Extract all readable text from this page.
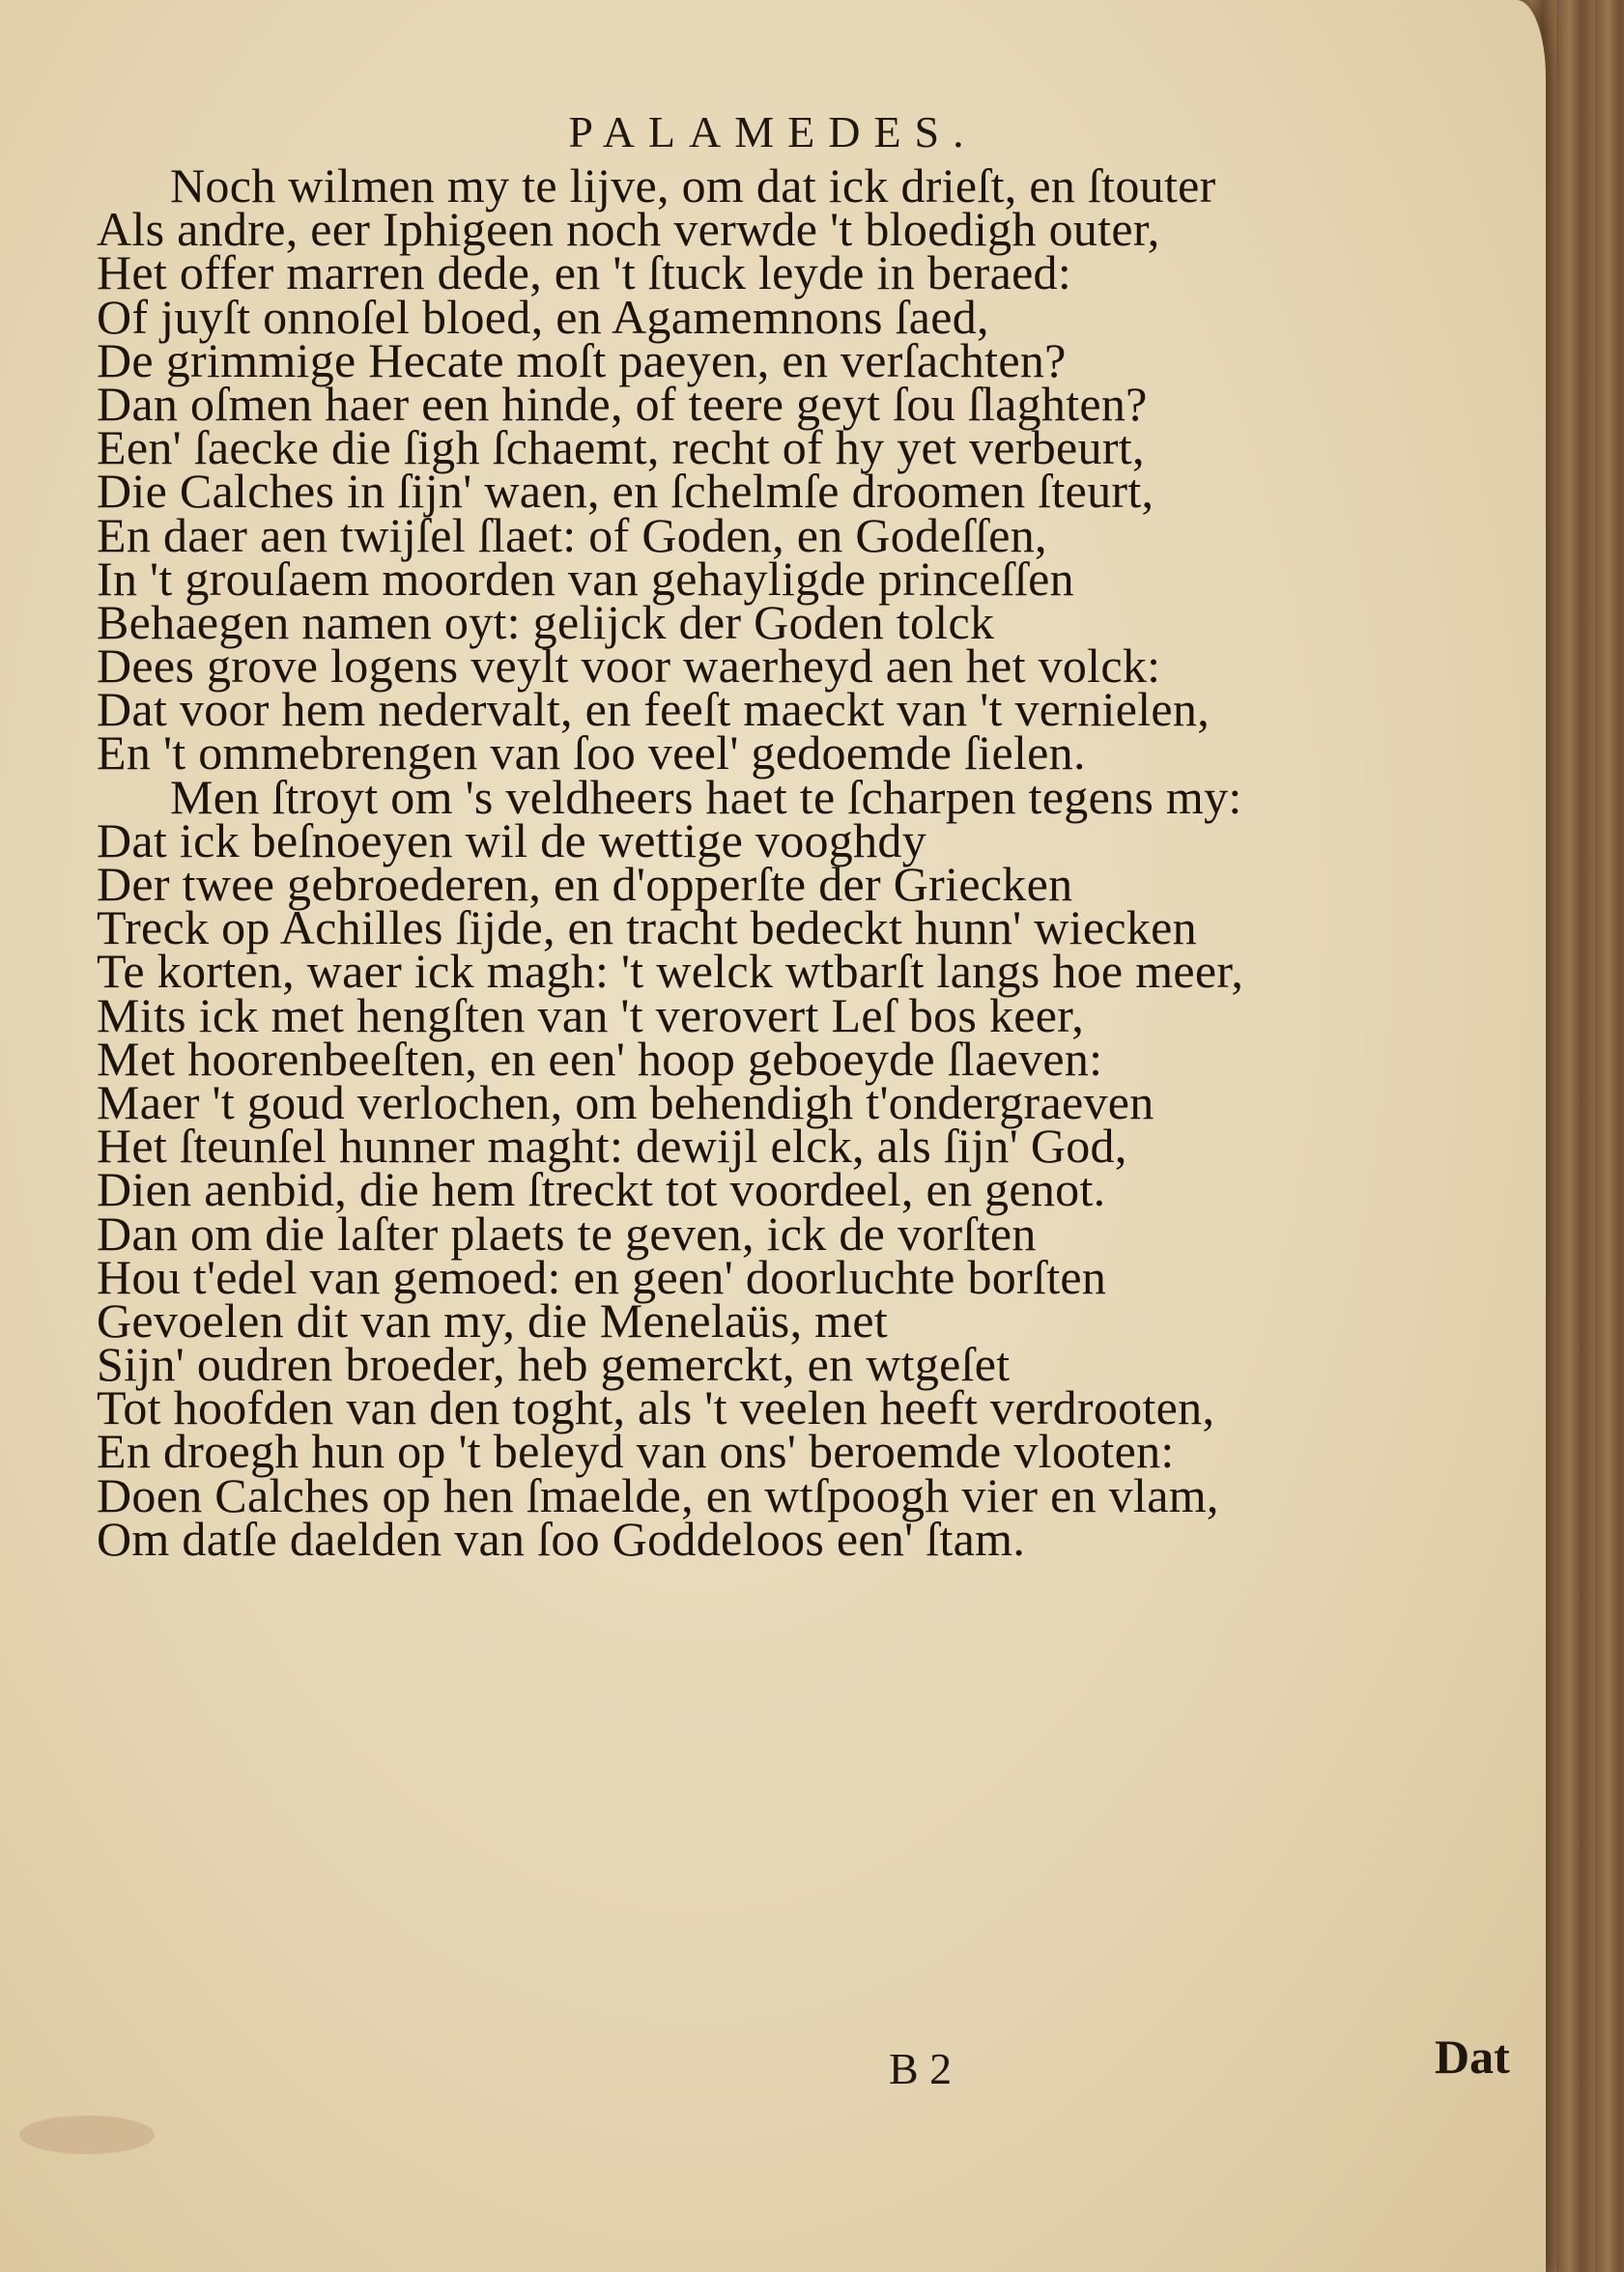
PALAMEDES.
Noch wilmen my te lijve, om dat ick drieſt, en ſtouter
Als andre, eer Iphigeen noch verwde 't bloedigh outer,
Het offer marren dede, en 't ſtuck leyde in beraed:
Of juyſt onnoſel bloed, en Agamemnons ſaed,
De grimmige Hecate moſt paeyen, en verſachten?
Dan oſmen haer een hinde, of teere geyt ſou ſlaghten?
Een' ſaecke die ſigh ſchaemt, recht of hy yet verbeurt,
Die Calches in ſijn' waen, en ſchelmſe droomen ſteurt,
En daer aen twijſel ſlaet: of Goden, en Godeſſen,
In 't grouſaem moorden van gehayligde princeſſen
Behaegen namen oyt: gelijck der Goden tolck
Dees grove logens veylt voor waerheyd aen het volck:
Dat voor hem nedervalt, en feeſt maeckt van 't vernielen,
En 't ommebrengen van ſoo veel' gedoemde ſielen.
Men ſtroyt om 's veldheers haet te ſcharpen tegens my:
Dat ick beſnoeyen wil de wettige vooghdy
Der twee gebroederen, en d'opperſte der Griecken
Treck op Achilles ſijde, en tracht bedeckt hunn' wiecken
Te korten, waer ick magh: 't welck wtbarſt langs hoe meer,
Mits ick met hengſten van 't verovert Leſ bos keer,
Met hoorenbeeſten, en een' hoop geboeyde ſlaeven:
Maer 't goud verlochen, om behendigh t'ondergraeven
Het ſteunſel hunner maght: dewijl elck, als ſijn' God,
Dien aenbid, die hem ſtreckt tot voordeel, en genot.
Dan om die laſter plaets te geven, ick de vorſten
Hou t'edel van gemoed: en geen' doorluchte borſten
Gevoelen dit van my, die Menelaüs, met
Sijn' oudren broeder, heb gemerckt, en wtgeſet
Tot hoofden van den toght, als 't veelen heeft verdrooten,
En droegh hun op 't beleyd van ons' beroemde vlooten:
Doen Calches op hen ſmaelde, en wtſpoogh vier en vlam,
Om datſe daelden van ſoo Goddeloos een' ſtam.
B 2	Dat
